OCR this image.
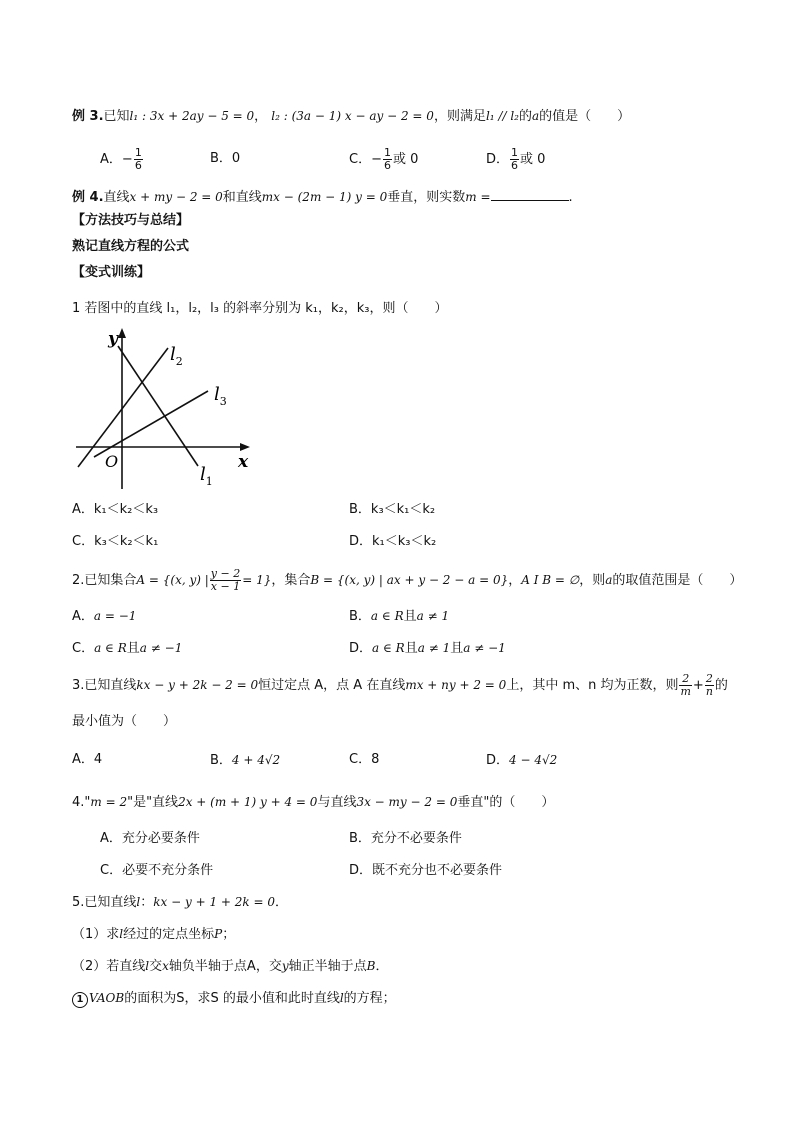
例 3.已知l₁ : 3x + 2ay − 5 = 0， l₂ : (3a − 1) x − ay − 2 = 0，则满足l₁ // l₂的a的值是（　　）
A．− $\frac{1}{6}$	B．0	C．− $\frac{1}{6}$ 或 0	D． $\frac{1}{6}$ 或 0
例 4.直线x + my − 2 = 0和直线mx − (2m − 1) y = 0垂直，则实数m =	.
【方法技巧与总结】
熟记直线方程的公式
【变式训练】
1 若图中的直线 l₁，l₂，l₃ 的斜率分别为 k₁，k₂，k₃，则（　　）
y
x
O
$l_2$
$l_3$
$l_1$
A．k₁＜k₂＜k₃	B．k₃＜k₁＜k₂
C．k₃＜k₂＜k₁	D．k₁＜k₃＜k₂
2.已知集合A = {(x, y) | $\frac{y - 2}{x - 1} = 1$}，集合B = {(x, y) | ax + y − 2 − a = 0}，A I B = ∅，则a的取值范围是（　　）
A．a = −1	B．a ∈ R且a ≠ 1
C．a ∈ R且a ≠ −1	D．a ∈ R且a ≠ 1且a ≠ −1
3.已知直线kx − y + 2k − 2 = 0恒过定点 A，点 A 在直线mx + ny + 2 = 0上，其中 m、n 均为正数，则 $\frac{2}{m} + \frac{2}{n}$ 的
最小值为（　　）
A．4	B．4 + 4√2	C．8	D．4 − 4√2
4."m = 2"是"直线2x + (m + 1) y + 4 = 0与直线3x − my − 2 = 0垂直"的（　　）
A．充分必要条件	B．充分不必要条件
C．必要不充分条件	D．既不充分也不必要条件
5.已知直线l：kx − y + 1 + 2k = 0．
（1）求l经过的定点坐标P；
（2）若直线l交x轴负半轴于点A，交y轴正半轴于点B．
1 VAOB的面积为S，求S 的最小值和此时直线l的方程；
